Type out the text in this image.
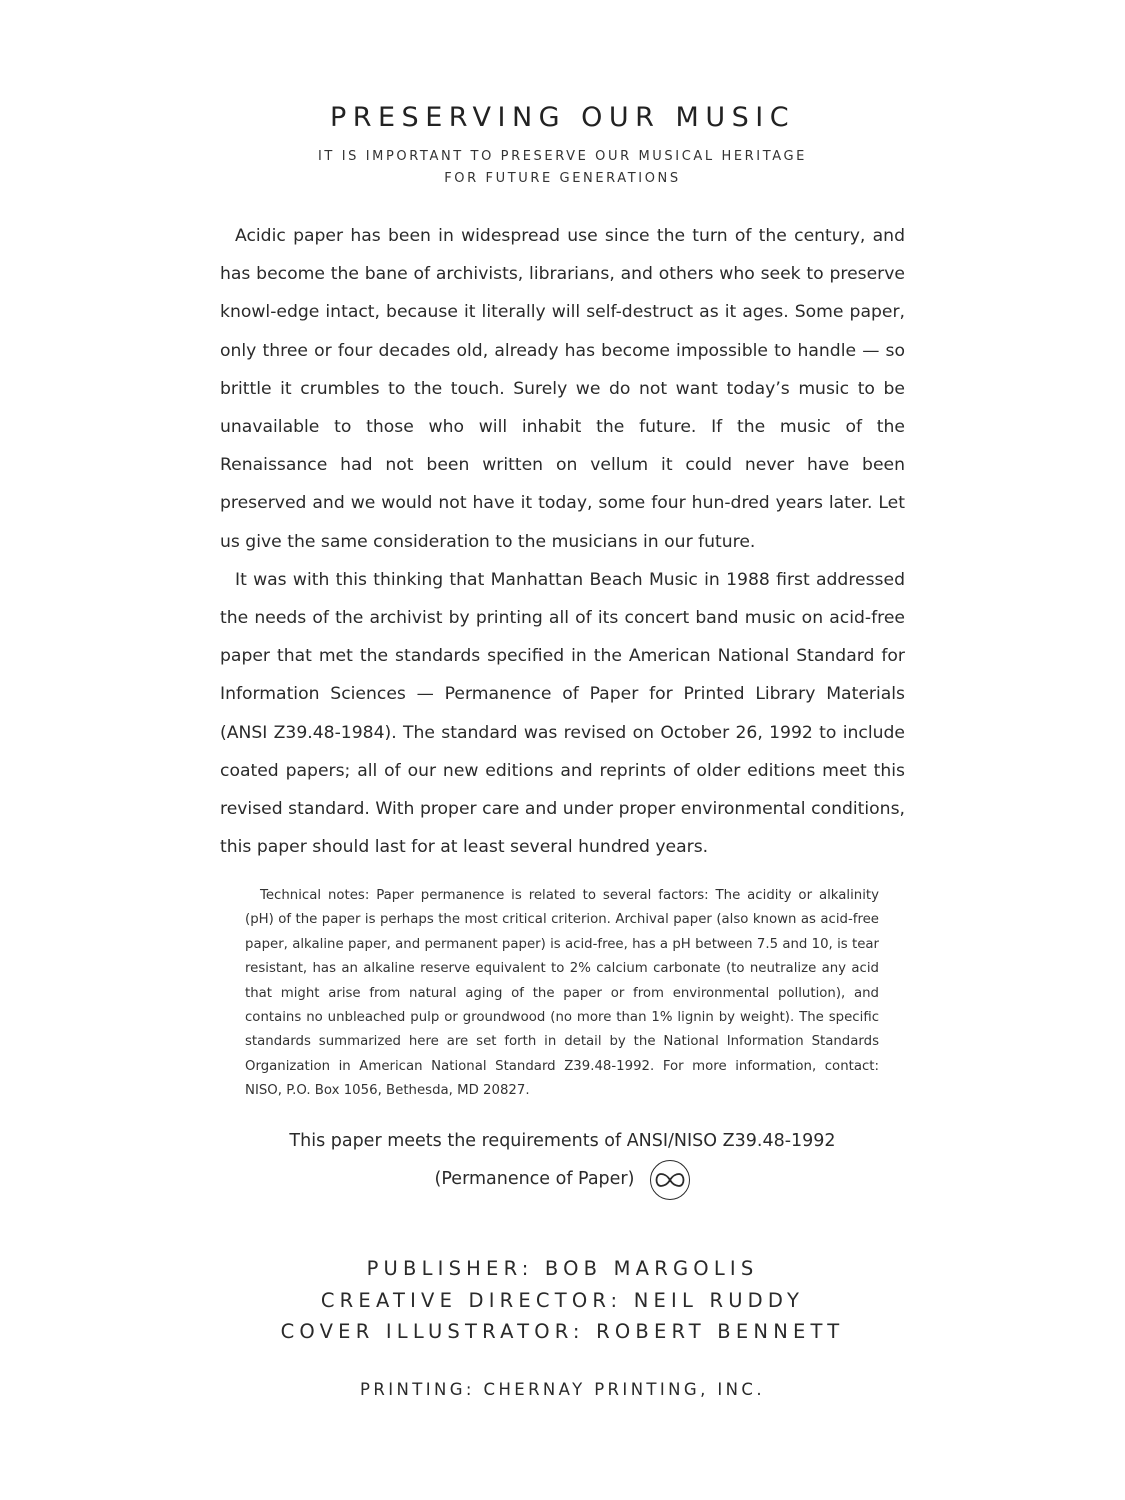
PRESERVING OUR MUSIC
IT IS IMPORTANT TO PRESERVE OUR MUSICAL HERITAGE
FOR FUTURE GENERATIONS

Acidic paper has been in widespread use since the turn of the century, and has become the bane of archivists, librarians, and others who seek to preserve knowl-edge intact, because it literally will self-destruct as it ages. Some paper, only three or four decades old, already has become impossible to handle — so brittle it crumbles to the touch. Surely we do not want today’s music to be unavailable to those who will inhabit the future. If the music of the Renaissance had not been written on vellum it could never have been preserved and we would not have it today, some four hun-dred years later. Let us give the same consideration to the musicians in our future.

It was with this thinking that Manhattan Beach Music in 1988 first addressed the needs of the archivist by printing all of its concert band music on acid-free paper that met the standards specified in the American National Standard for Information Sciences — Permanence of Paper for Printed Library Materials (ANSI Z39.48-1984). The standard was revised on October 26, 1992 to include coated papers; all of our new editions and reprints of older editions meet this revised standard. With proper care and under proper environmental conditions, this paper should last for at least several hundred years.

Technical notes: Paper permanence is related to several factors: The acidity or alkalinity (pH) of the paper is perhaps the most critical criterion. Archival paper (also known as acid-free paper, alkaline paper, and permanent paper) is acid-free, has a pH between 7.5 and 10, is tear resistant, has an alkaline reserve equivalent to 2% calcium carbonate (to neutralize any acid that might arise from natural aging of the paper or from environmental pollution), and contains no unbleached pulp or groundwood (no more than 1% lignin by weight). The specific standards summarized here are set forth in detail by the National Information Standards Organization in American National Standard Z39.48-1992. For more information, contact: NISO, P.O. Box 1056, Bethesda, MD 20827.

This paper meets the requirements of ANSI/NISO Z39.48-1992
(Permanence of Paper)
PUBLISHER: BOB MARGOLIS
CREATIVE DIRECTOR: NEIL RUDDY
COVER ILLUSTRATOR: ROBERT BENNETT
PRINTING: CHERNAY PRINTING, INC.
